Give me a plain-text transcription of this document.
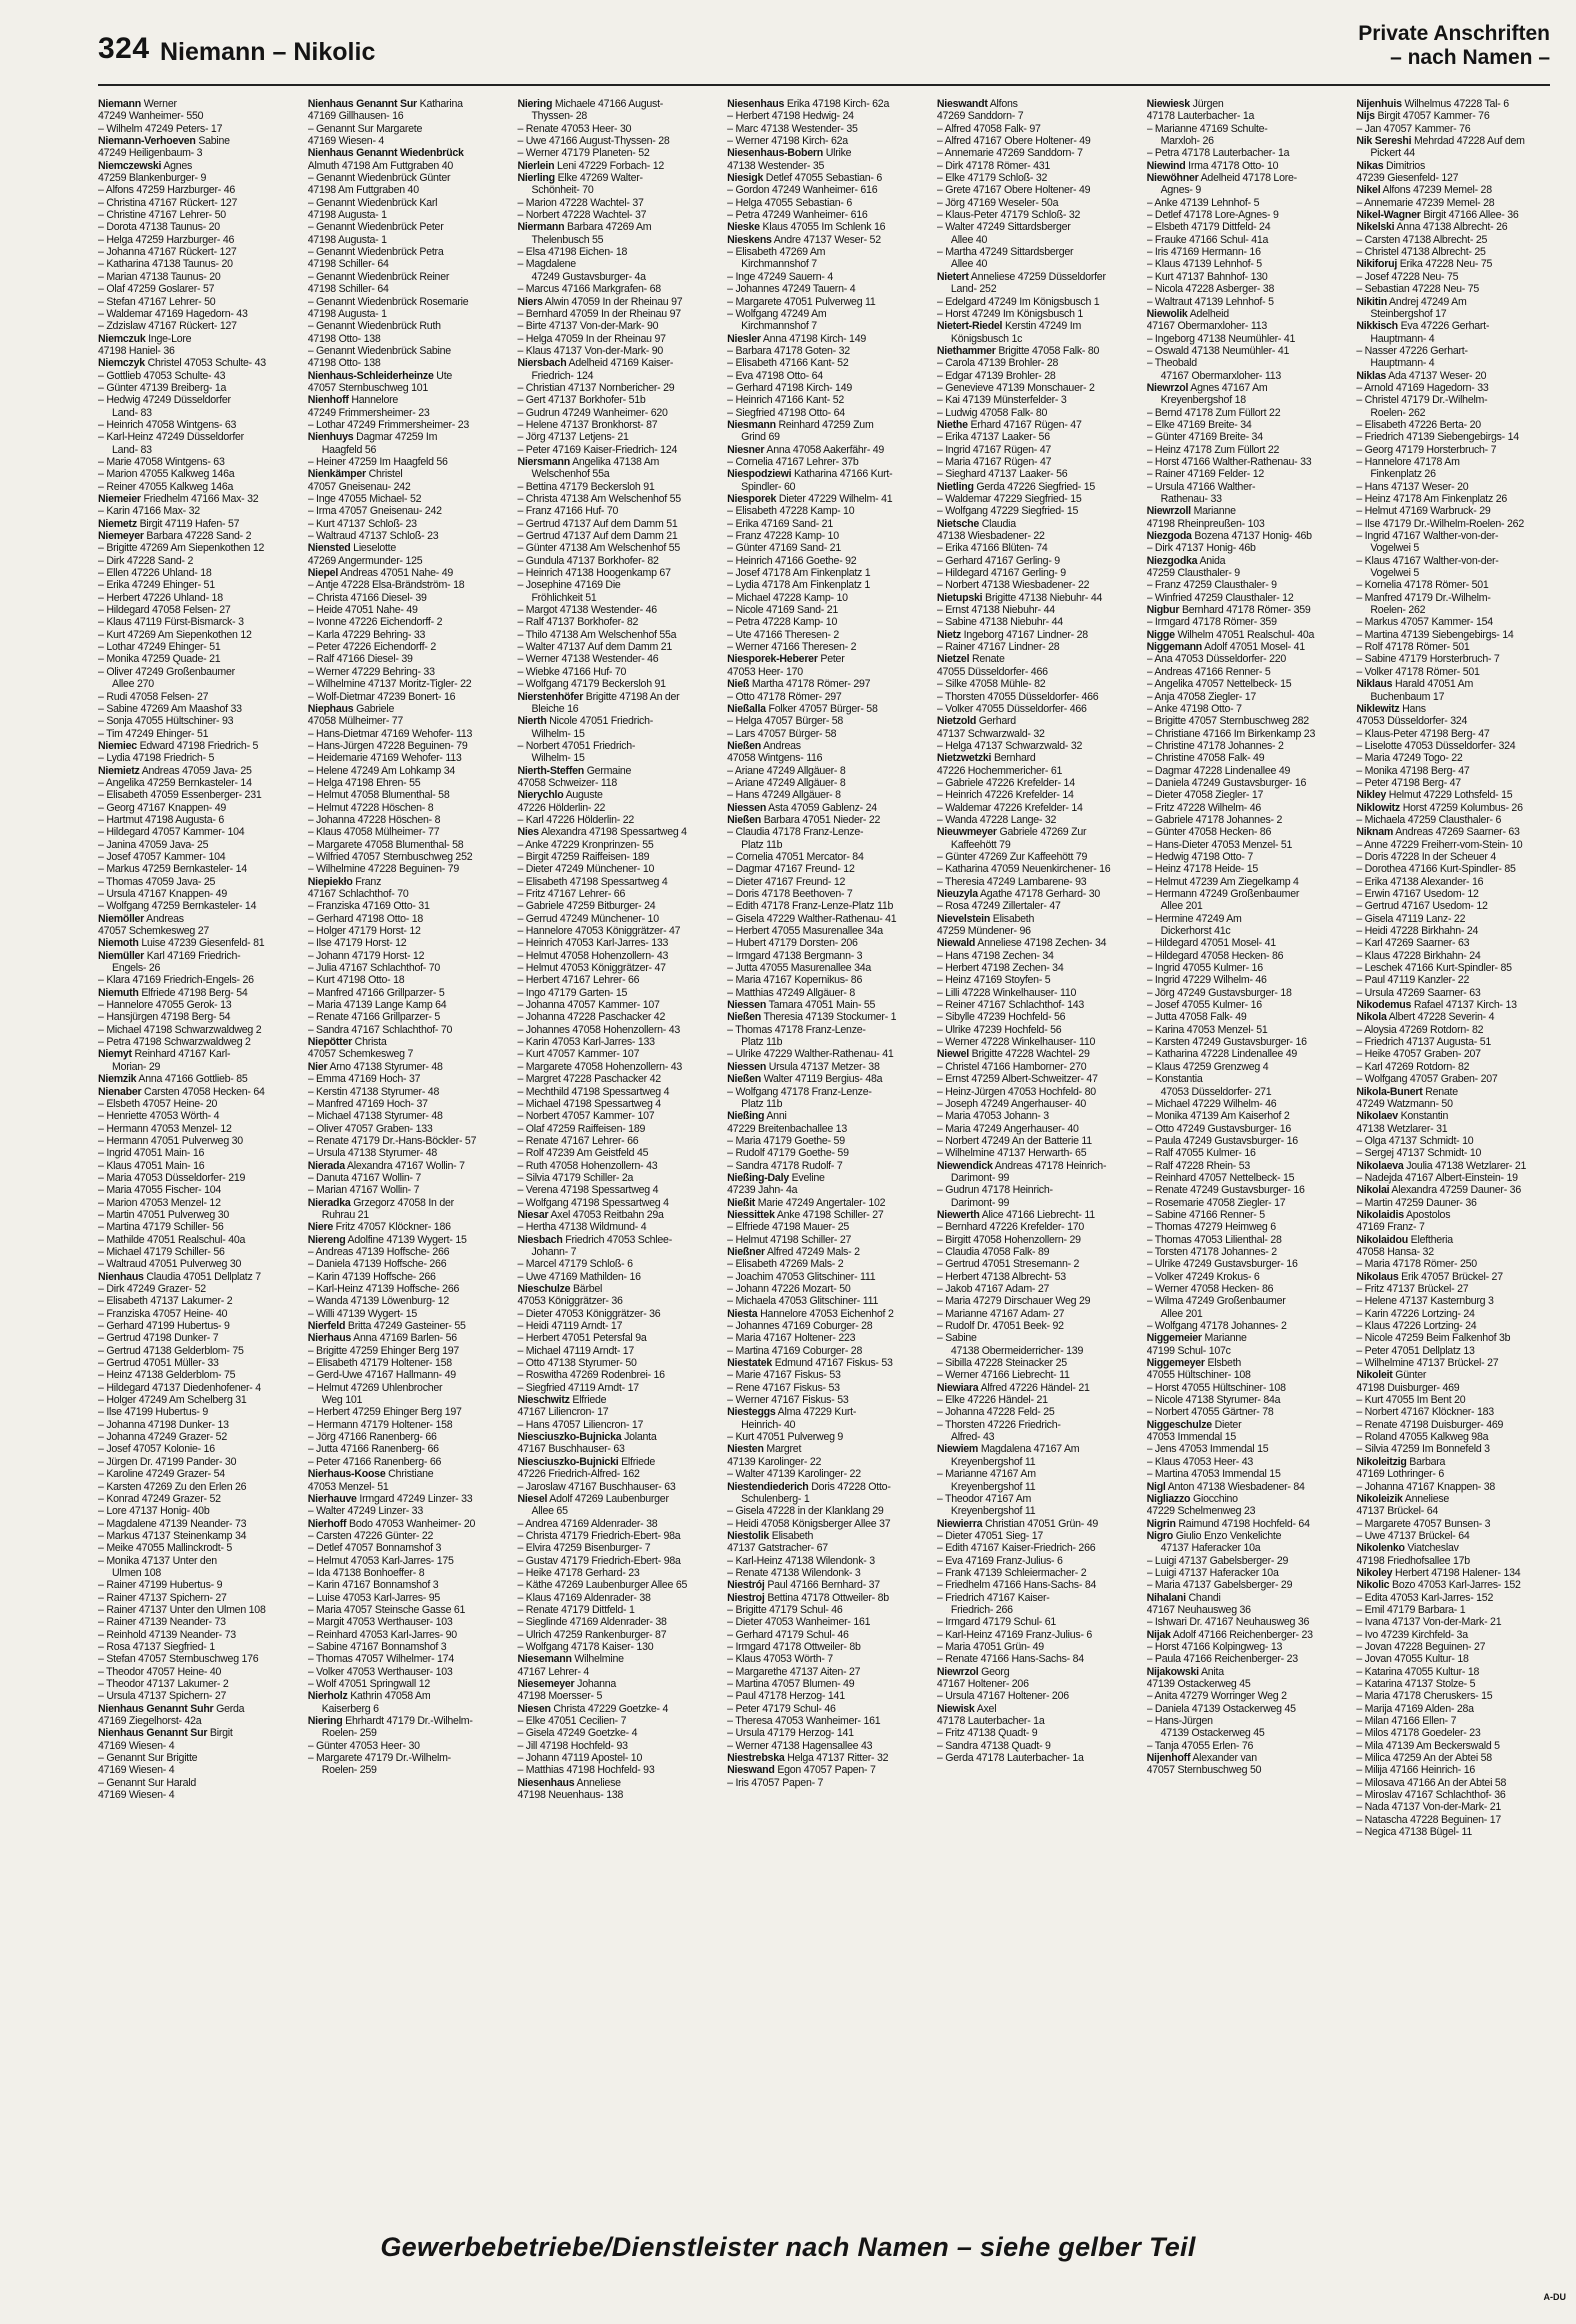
324 Niemann – Nikolic
Private Anschriften
– nach Namen –
Niemann Werner
47249 Wanheimer- 550
– Wilhelm 47249 Peters- 17
Niemann-Verhoeven Sabine
47249 Heiligenbaum- 3
Niemczewski Agnes
47259 Blankenburger- 9
– Alfons 47259 Harzburger- 46
– Christina 47167 Rückert- 127
– Christine 47167 Lehrer- 50
– Dorota 47138 Taunus- 20
– Helga 47259 Harzburger- 46
– Johanna 47167 Rückert- 127
– Katharina 47138 Taunus- 20
– Marian 47138 Taunus- 20
– Olaf 47259 Goslarer- 57
– Stefan 47167 Lehrer- 50
– Waldemar 47169 Hagedorn- 43
– Zdzislaw 47167 Rückert- 127
Niemczuk Inge-Lore
47198 Haniel- 36
Niemczyk Christel 47053 Schulte- 43
– Gottlieb 47053 Schulte- 43
– Günter 47139 Breiberg- 1a
– Hedwig 47249 Düsseldorfer
Land- 83
– Heinrich 47058 Wintgens- 63
– Karl-Heinz 47249 Düsseldorfer
Land- 83
– Marie 47058 Wintgens- 63
– Marion 47055 Kalkweg 146a
– Reiner 47055 Kalkweg 146a
Niemeier Friedhelm 47166 Max- 32
– Karin 47166 Max- 32
Niemetz Birgit 47119 Hafen- 57
Niemeyer Barbara 47228 Sand- 2
– Brigitte 47269 Am Siepenkothen 12
– Dirk 47228 Sand- 2
– Ellen 47226 Uhland- 18
– Erika 47249 Ehinger- 51
– Herbert 47226 Uhland- 18
– Hildegard 47058 Felsen- 27
– Klaus 47119 Fürst-Bismarck- 3
– Kurt 47269 Am Siepenkothen 12
– Lothar 47249 Ehinger- 51
– Monika 47259 Quade- 21
– Oliver 47249 Großenbaumer
Allee 270
– Rudi 47058 Felsen- 27
– Sabine 47269 Am Maashof 33
– Sonja 47055 Hültschiner- 93
– Tim 47249 Ehinger- 51
Niemiec Edward 47198 Friedrich- 5
– Lydia 47198 Friedrich- 5
Niemietz Andreas 47059 Java- 25
– Angelika 47259 Bernkasteler- 14
– Elisabeth 47059 Essenberger- 231
– Georg 47167 Knappen- 49
– Hartmut 47198 Augusta- 6
– Hildegard 47057 Kammer- 104
– Janina 47059 Java- 25
– Josef 47057 Kammer- 104
– Markus 47259 Bernkasteler- 14
– Thomas 47059 Java- 25
– Ursula 47167 Knappen- 49
– Wolfgang 47259 Bernkasteler- 14
Niemöller Andreas
47057 Schemkesweg 27
Niemoth Luise 47239 Giesenfeld- 81
Niemüller Karl 47169 Friedrich-
Engels- 26
– Klara 47169 Friedrich-Engels- 26
Niemuth Elfriede 47198 Berg- 54
– Hannelore 47055 Gerok- 13
– Hansjürgen 47198 Berg- 54
– Michael 47198 Schwarzwaldweg 2
– Petra 47198 Schwarzwaldweg 2
Niemyt Reinhard 47167 Karl-
Morian- 29
Niemzik Anna 47166 Gottlieb- 85
Nienaber Carsten 47058 Hecken- 64
– Elsbeth 47057 Heine- 20
– Henriette 47053 Wörth- 4
– Hermann 47053 Menzel- 12
– Hermann 47051 Pulverweg 30
– Ingrid 47051 Main- 16
– Klaus 47051 Main- 16
– Maria 47053 Düsseldorfer- 219
– Maria 47055 Fischer- 104
– Marion 47053 Menzel- 12
– Martin 47051 Pulverweg 30
– Martina 47179 Schiller- 56
– Mathilde 47051 Realschul- 40a
– Michael 47179 Schiller- 56
– Waltraud 47051 Pulverweg 30
Nienhaus Claudia 47051 Dellplatz 7
– Dirk 47249 Grazer- 52
– Elisabeth 47137 Lakumer- 2
– Franziska 47057 Heine- 40
– Gerhard 47199 Hubertus- 9
– Gertrud 47198 Dunker- 7
– Gertrud 47138 Gelderblom- 75
– Gertrud 47051 Müller- 33
– Heinz 47138 Gelderblom- 75
– Hildegard 47137 Diedenhofener- 4
– Holger 47249 Am Schelberg 31
– Ilse 47199 Hubertus- 9
– Johanna 47198 Dunker- 13
– Johanna 47249 Grazer- 52
– Josef 47057 Kolonie- 16
– Jürgen Dr. 47199 Pander- 30
– Karoline 47249 Grazer- 54
– Karsten 47269 Zu den Erlen 26
– Konrad 47249 Grazer- 52
– Lore 47137 Honig- 40b
– Magdalene 47139 Neander- 73
– Markus 47137 Steinenkamp 34
– Meike 47055 Mallinckrodt- 5
– Monika 47137 Unter den
Ulmen 108
– Rainer 47199 Hubertus- 9
– Rainer 47137 Spichern- 27
– Rainer 47137 Unter den Ulmen 108
– Rainer 47139 Neander- 73
– Reinhold 47139 Neander- 73
– Rosa 47137 Siegfried- 1
– Stefan 47057 Sternbuschweg 176
– Theodor 47057 Heine- 40
– Theodor 47137 Lakumer- 2
– Ursula 47137 Spichern- 27
Nienhaus Genannt Suhr Gerda
47169 Ziegelhorst- 42a
Nienhaus Genannt Sur Birgit
47169 Wiesen- 4
– Genannt Sur Brigitte
47169 Wiesen- 4
– Genannt Sur Harald
47169 Wiesen- 4
Nienhaus Genannt Sur Katharina
47169 Gillhausen- 16
– Genannt Sur Margarete
47169 Wiesen- 4
Nienhaus Genannt Wiedenbrück
Almuth 47198 Am Futtgraben 40
– Genannt Wiedenbrück Günter
47198 Am Futtgraben 40
– Genannt Wiedenbrück Karl
47198 Augusta- 1
– Genannt Wiedenbrück Peter
47198 Augusta- 1
– Genannt Wiedenbrück Petra
47198 Schiller- 64
– Genannt Wiedenbrück Reiner
47198 Schiller- 64
– Genannt Wiedenbrück Rosemarie
47198 Augusta- 1
– Genannt Wiedenbrück Ruth
47198 Otto- 138
– Genannt Wiedenbrück Sabine
47198 Otto- 138
Nienhaus-Schleiderheinze Ute
47057 Sternbuschweg 101
Nienhoff Hannelore
47249 Frimmersheimer- 23
– Lothar 47249 Frimmersheimer- 23
Nienhuys Dagmar 47259 Im
Haagfeld 56
– Heiner 47259 Im Haagfeld 56
Nienkämper Christel
47057 Gneisenau- 242
– Inge 47055 Michael- 52
– Irma 47057 Gneisenau- 242
– Kurt 47137 Schloß- 23
– Waltraud 47137 Schloß- 23
Niensted Lieselotte
47269 Angermunder- 125
Niepel Andreas 47051 Nahe- 49
– Antje 47228 Elsa-Brändström- 18
– Christa 47166 Diesel- 39
– Heide 47051 Nahe- 49
– Ivonne 47226 Eichendorff- 2
– Karla 47229 Behring- 33
– Peter 47226 Eichendorff- 2
– Ralf 47166 Diesel- 39
– Werner 47229 Behring- 33
– Wilhelmine 47137 Moritz-Tigler- 22
– Wolf-Dietmar 47239 Bonert- 16
Niephaus Gabriele
47058 Mülheimer- 77
– Hans-Dietmar 47169 Wehofer- 113
– Hans-Jürgen 47228 Beguinen- 79
– Heidemarie 47169 Wehofer- 113
– Helene 47249 Am Lohkamp 34
– Helga 47198 Ehren- 55
– Helmut 47058 Blumenthal- 58
– Helmut 47228 Höschen- 8
– Johanna 47228 Höschen- 8
– Klaus 47058 Mülheimer- 77
– Margarete 47058 Blumenthal- 58
– Wilfried 47057 Sternbuschweg 252
– Wilhelmine 47228 Beguinen- 79
Niepiekło Franz
47167 Schlachthof- 70
– Franziska 47169 Otto- 31
– Gerhard 47198 Otto- 18
– Holger 47179 Horst- 12
– Ilse 47179 Horst- 12
– Johann 47179 Horst- 12
– Julia 47167 Schlachthof- 70
– Kurt 47198 Otto- 18
– Manfred 47166 Grillparzer- 5
– Maria 47139 Lange Kamp 64
– Renate 47166 Grillparzer- 5
– Sandra 47167 Schlachthof- 70
Niepötter Christa
47057 Schemkesweg 7
Nier Arno 47138 Styrumer- 48
– Emma 47169 Hoch- 37
– Kerstin 47138 Styrumer- 48
– Manfred 47169 Hoch- 37
– Michael 47138 Styrumer- 48
– Oliver 47057 Graben- 133
– Renate 47179 Dr.-Hans-Böckler- 57
– Ursula 47138 Styrumer- 48
Nierada Alexandra 47167 Wollin- 7
– Danuta 47167 Wollin- 7
– Marian 47167 Wollin- 7
Nieradka Grzegorz 47058 In der
Ruhrau 21
Niere Fritz 47057 Klöckner- 186
Niereng Adolfine 47139 Wygert- 15
– Andreas 47139 Hoffsche- 266
– Daniela 47139 Hoffsche- 266
– Karin 47139 Hoffsche- 266
– Karl-Heinz 47139 Hoffsche- 266
– Wanda 47139 Löwenburg- 12
– Willi 47139 Wygert- 15
Nierfeld Britta 47249 Gasteiner- 55
Nierhaus Anna 47169 Barlen- 56
– Brigitte 47259 Ehinger Berg 197
– Elisabeth 47179 Holtener- 158
– Gerd-Uwe 47167 Hallmann- 49
– Helmut 47269 Uhlenbrocher
Weg 101
– Herbert 47259 Ehinger Berg 197
– Hermann 47179 Holtener- 158
– Jörg 47166 Ranenberg- 66
– Jutta 47166 Ranenberg- 66
– Peter 47166 Ranenberg- 66
Nierhaus-Koose Christiane
47053 Menzel- 51
Nierhauve Irmgard 47249 Linzer- 33
– Walter 47249 Linzer- 33
Nierhoff Bodo 47053 Wanheimer- 20
– Carsten 47226 Günter- 22
– Detlef 47057 Bonnamshof 3
– Helmut 47053 Karl-Jarres- 175
– Ida 47138 Bonhoeffer- 8
– Karin 47167 Bonnamshof 3
– Luise 47053 Karl-Jarres- 95
– Maria 47057 Steinsche Gasse 61
– Margit 47053 Werthauser- 103
– Reinhard 47053 Karl-Jarres- 90
– Sabine 47167 Bonnamshof 3
– Thomas 47057 Wilhelmer- 174
– Volker 47053 Werthauser- 103
– Wolf 47051 Springwall 12
Nierholz Kathrin 47058 Am
Kaiserberg 6
Niering Ehrhardt 47179 Dr.-Wilhelm-
Roelen- 259
– Günter 47053 Heer- 30
– Margarete 47179 Dr.-Wilhelm-
Roelen- 259
Niering Michaele 47166 August-
Thyssen- 28
– Renate 47053 Heer- 30
– Uwe 47166 August-Thyssen- 28
– Werner 47179 Planeten- 52
Nierlein Leni 47229 Forbach- 12
Nierling Elke 47269 Walter-
Schönheit- 70
– Marion 47228 Wachtel- 37
– Norbert 47228 Wachtel- 37
Niermann Barbara 47269 Am
Thelenbusch 55
– Elsa 47198 Eichen- 18
– Magdalene
47249 Gustavsburger- 4a
– Marcus 47166 Markgrafen- 68
Niers Alwin 47059 In der Rheinau 97
– Bernhard 47059 In der Rheinau 97
– Birte 47137 Von-der-Mark- 90
– Helga 47059 In der Rheinau 97
– Klaus 47137 Von-der-Mark- 90
Niersbach Adelheid 47169 Kaiser-
Friedrich- 124
– Christian 47137 Nornbericher- 29
– Gert 47137 Borkhofer- 51b
– Gudrun 47249 Wanheimer- 620
– Helene 47137 Bronkhorst- 87
– Jörg 47137 Letjens- 21
– Peter 47169 Kaiser-Friedrich- 124
Niersmann Angelika 47138 Am
Welschenhof 55a
– Bettina 47179 Beckersloh 91
– Christa 47138 Am Welschenhof 55
– Franz 47166 Huf- 70
– Gertrud 47137 Auf dem Damm 51
– Gertrud 47137 Auf dem Damm 21
– Günter 47138 Am Welschenhof 55
– Gundula 47137 Borkhofer- 82
– Heinrich 47138 Hoogenkamp 67
– Josephine 47169 Die
Fröhlichkeit 51
– Margot 47138 Westender- 46
– Ralf 47137 Borkhofer- 82
– Thilo 47138 Am Welschenhof 55a
– Walter 47137 Auf dem Damm 21
– Werner 47138 Westender- 46
– Wiebke 47166 Huf- 70
– Wolfgang 47179 Beckersloh 91
Nierstenhöfer Brigitte 47198 An der
Bleiche 16
Nierth Nicole 47051 Friedrich-
Wilhelm- 15
– Norbert 47051 Friedrich-
Wilhelm- 15
Nierth-Steffen Germaine
47058 Schweizer- 118
Nierychlo Auguste
47226 Hölderlin- 22
– Karl 47226 Hölderlin- 22
Nies Alexandra 47198 Spessartweg 4
– Anke 47229 Kronprinzen- 55
– Birgit 47259 Raiffeisen- 189
– Dieter 47249 Münchener- 10
– Elisabeth 47198 Spessartweg 4
– Fritz 47167 Lehrer- 66
– Gabriele 47259 Bitburger- 24
– Gerrud 47249 Münchener- 10
– Hannelore 47053 Königgrätzer- 47
– Heinrich 47053 Karl-Jarres- 133
– Helmut 47058 Hohenzollern- 43
– Helmut 47053 Königgrätzer- 47
– Herbert 47167 Lehrer- 66
– Ingo 47179 Garten- 15
– Johanna 47057 Kammer- 107
– Johanna 47228 Paschacker 42
– Johannes 47058 Hohenzollern- 43
– Karin 47053 Karl-Jarres- 133
– Kurt 47057 Kammer- 107
– Margarete 47058 Hohenzollern- 43
– Margret 47228 Paschacker 42
– Mechthild 47198 Spessartweg 4
– Michael 47198 Spessartweg 4
– Norbert 47057 Kammer- 107
– Olaf 47259 Raiffeisen- 189
– Renate 47167 Lehrer- 66
– Rolf 47239 Am Geistfeld 45
– Ruth 47058 Hohenzollern- 43
– Silvia 47179 Schiller- 2a
– Verena 47198 Spessartweg 4
– Wolfgang 47198 Spessartweg 4
Niesar Axel 47053 Reitbahn 29a
– Hertha 47138 Wildmund- 4
Niesbach Friedrich 47053 Schlee-
Johann- 7
– Marcel 47179 Schloß- 6
– Uwe 47169 Mathilden- 16
Nieschulze Bärbel
47053 Königgrätzer- 36
– Dieter 47053 Königgrätzer- 36
– Heidi 47119 Arndt- 17
– Herbert 47051 Petersfal 9a
– Michael 47119 Arndt- 17
– Otto 47138 Styrumer- 50
– Roswitha 47269 Rodenbrei- 16
– Siegfried 47119 Arndt- 17
Nieschwitz Elfriede
47167 Liliencron- 17
– Hans 47057 Liliencron- 17
Niesciuszko-Bujnicka Jolanta
47167 Buschhauser- 63
Niesciuszko-Bujnicki Elfriede
47226 Friedrich-Alfred- 162
– Jaroslaw 47167 Buschhauser- 63
Niesel Adolf 47269 Laubenburger
Allee 65
– Andrea 47169 Aldenrader- 38
– Christa 47179 Friedrich-Ebert- 98a
– Elvira 47259 Bisenburger- 7
– Gustav 47179 Friedrich-Ebert- 98a
– Heike 47178 Gerhard- 23
– Käthe 47269 Laubenburger Allee 65
– Klaus 47169 Aldenrader- 38
– Renate 47179 Dittfeld- 1
– Sieglinde 47169 Aldenrader- 38
– Ulrich 47259 Rankenburger- 87
– Wolfgang 47178 Kaiser- 130
Niesemann Wilhelmine
47167 Lehrer- 4
Niesemeyer Johanna
47198 Moersser- 5
Niesen Christa 47229 Goetzke- 4
– Elke 47051 Cecilien- 7
– Gisela 47249 Goetzke- 4
– Jill 47198 Hochfeld- 93
– Johann 47119 Apostel- 10
– Matthias 47198 Hochfeld- 93
Niesenhaus Anneliese
47198 Neuenhaus- 138
Niesenhaus Erika 47198 Kirch- 62a
– Herbert 47198 Hedwig- 24
– Marc 47138 Westender- 35
– Werner 47198 Kirch- 62a
Niesenhaus-Bobern Ulrike
47138 Westender- 35
Niesigk Detlef 47055 Sebastian- 6
– Gordon 47249 Wanheimer- 616
– Helga 47055 Sebastian- 6
– Petra 47249 Wanheimer- 616
Nieske Klaus 47055 Im Schlenk 16
Nieskens Andre 47137 Weser- 52
– Elisabeth 47269 Am
Kirchmannshof 7
– Inge 47249 Sauern- 4
– Johannes 47249 Tauern- 4
– Margarete 47051 Pulverweg 11
– Wolfgang 47249 Am
Kirchmannshof 7
Niesler Anna 47198 Kirch- 149
– Barbara 47178 Goten- 32
– Elisabeth 47166 Kant- 52
– Eva 47198 Otto- 64
– Gerhard 47198 Kirch- 149
– Heinrich 47166 Kant- 52
– Siegfried 47198 Otto- 64
Niesmann Reinhard 47259 Zum
Grind 69
Niesner Anna 47058 Aakerfähr- 49
– Cornelia 47167 Lehrer- 37b
Niespodziewi Katharina 47166 Kurt-
Spindler- 60
Niesporek Dieter 47229 Wilhelm- 41
– Elisabeth 47228 Kamp- 10
– Erika 47169 Sand- 21
– Franz 47228 Kamp- 10
– Günter 47169 Sand- 21
– Heinrich 47166 Goethe- 92
– Josef 47178 Am Finkenplatz 1
– Lydia 47178 Am Finkenplatz 1
– Michael 47228 Kamp- 10
– Nicole 47169 Sand- 21
– Petra 47228 Kamp- 10
– Ute 47166 Theresen- 2
– Werner 47166 Theresen- 2
Niesporek-Heberer Peter
47053 Heer- 170
Nieß Martha 47178 Römer- 297
– Otto 47178 Römer- 297
Nießalla Folker 47057 Bürger- 58
– Helga 47057 Bürger- 58
– Lars 47057 Bürger- 58
Nießen Andreas
47058 Wintgens- 116
– Ariane 47249 Allgäuer- 8
– Ariane 47249 Allgäuer- 8
– Hans 47249 Allgäuer- 8
Niessen Asta 47059 Gablenz- 24
Nießen Barbara 47051 Nieder- 22
– Claudia 47178 Franz-Lenze-
Platz 11b
– Cornelia 47051 Mercator- 84
– Dagmar 47167 Freund- 12
– Dieter 47167 Freund- 12
– Doris 47178 Beethoven- 7
– Edith 47178 Franz-Lenze-Platz 11b
– Gisela 47229 Walther-Rathenau- 41
– Herbert 47055 Masurenallee 34a
– Hubert 47179 Dorsten- 206
– Irmgard 47138 Bergmann- 3
– Jutta 47055 Masurenallee 34a
– Maria 47167 Kopernikus- 86
– Matthias 47249 Allgäuer- 8
Niessen Tamara 47051 Main- 55
Nießen Theresia 47139 Stockumer- 1
– Thomas 47178 Franz-Lenze-
Platz 11b
– Ulrike 47229 Walther-Rathenau- 41
Niessen Ursula 47137 Metzer- 38
Nießen Walter 47119 Bergius- 48a
– Wolfgang 47178 Franz-Lenze-
Platz 11b
Nießing Anni
47229 Breitenbachallee 13
– Maria 47179 Goethe- 59
– Rudolf 47179 Goethe- 59
– Sandra 47178 Rudolf- 7
Nießing-Daly Eveline
47239 Jahn- 4a
Nießit Marie 47249 Angertaler- 102
Niessittek Anke 47198 Schiller- 27
– Elfriede 47198 Mauer- 25
– Helmut 47198 Schiller- 27
Nießner Alfred 47249 Mals- 2
– Elisabeth 47269 Mals- 2
– Joachim 47053 Glitschiner- 111
– Johann 47226 Mozart- 50
– Michaela 47053 Glitschiner- 111
Niesta Hannelore 47053 Eichenhof 2
– Johannes 47169 Coburger- 28
– Maria 47167 Holtener- 223
– Martina 47169 Coburger- 28
Niestatek Edmund 47167 Fiskus- 53
– Marie 47167 Fiskus- 53
– Rene 47167 Fiskus- 53
– Werner 47167 Fiskus- 53
Niesteggs Alma 47229 Kurt-
Heinrich- 40
– Kurt 47051 Pulverweg 9
Niesten Margret
47139 Karolinger- 22
– Walter 47139 Karolinger- 22
Niestendiederich Doris 47228 Otto-
Schulenberg- 1
– Gisela 47228 in der Klanklang 29
– Heidi 47058 Königsberger Allee 37
Niestolik Elisabeth
47137 Gatstracher- 67
– Karl-Heinz 47138 Wilendonk- 3
– Renate 47138 Wilendonk- 3
Niestrój Paul 47166 Bernhard- 37
Niestroj Bettina 47178 Ottweiler- 8b
– Brigitte 47179 Schul- 46
– Dieter 47053 Wanheimer- 161
– Gerhard 47179 Schul- 46
– Irmgard 47178 Ottweiler- 8b
– Klaus 47053 Wörth- 7
– Margarethe 47137 Aiten- 27
– Martina 47057 Blumen- 49
– Paul 47178 Herzog- 141
– Peter 47179 Schul- 46
– Theresa 47053 Wanheimer- 161
– Ursula 47179 Herzog- 141
– Werner 47138 Hagensallee 43
Niestrebska Helga 47137 Ritter- 32
Nieswand Egon 47057 Papen- 7
– Iris 47057 Papen- 7
Nieswandt Alfons
47269 Sanddorn- 7
– Alfred 47058 Falk- 97
– Alfred 47167 Obere Holtener- 49
– Annemarie 47269 Sanddorn- 7
– Dirk 47178 Römer- 431
– Elke 47179 Schloß- 32
– Grete 47167 Obere Holtener- 49
– Jörg 47169 Weseler- 50a
– Klaus-Peter 47179 Schloß- 32
– Walter 47249 Sittardsberger
Allee 40
– Martha 47249 Sittardsberger
Allee 40
Nietert Anneliese 47259 Düsseldorfer
Land- 252
– Edelgard 47249 Im Königsbusch 1
– Horst 47249 Im Königsbusch 1
Nietert-Riedel Kerstin 47249 Im
Königsbusch 1c
Niethammer Brigitte 47058 Falk- 80
– Carola 47139 Brohler- 28
– Edgar 47139 Brohler- 28
– Genevieve 47139 Monschauer- 2
– Kai 47139 Münsterfelder- 3
– Ludwig 47058 Falk- 80
Niethe Erhard 47167 Rügen- 47
– Erika 47137 Laaker- 56
– Ingrid 47167 Rügen- 47
– Maria 47167 Rügen- 47
– Sieghard 47137 Laaker- 56
Nietling Gerda 47226 Siegfried- 15
– Waldemar 47229 Siegfried- 15
– Wolfgang 47229 Siegfried- 15
Nietsche Claudia
47138 Wiesbadener- 22
– Erika 47166 Blüten- 74
– Gerhard 47167 Gerling- 9
– Hildegard 47167 Gerling- 9
– Norbert 47138 Wiesbadener- 22
Nietupski Brigitte 47138 Niebuhr- 44
– Ernst 47138 Niebuhr- 44
– Sabine 47138 Niebuhr- 44
Nietz Ingeborg 47167 Lindner- 28
– Rainer 47167 Lindner- 28
Nietzel Renate
47055 Düsseldorfer- 466
– Silke 47058 Mühle- 82
– Thorsten 47055 Düsseldorfer- 466
– Volker 47055 Düsseldorfer- 466
Nietzold Gerhard
47137 Schwarzwald- 32
– Helga 47137 Schwarzwald- 32
Nietzwetzki Bernhard
47226 Hochemmericher- 61
– Gabriele 47226 Krefelder- 14
– Heinrich 47226 Krefelder- 14
– Waldemar 47226 Krefelder- 14
– Wanda 47228 Lange- 32
Nieuwmeyer Gabriele 47269 Zur
Kaffeehött 79
– Günter 47269 Zur Kaffeehött 79
– Katharina 47059 Neuenkirchener- 16
– Theresia 47249 Lambarene- 93
Nieuzyla Agathe 47178 Gerhard- 30
– Rosa 47249 Zillertaler- 47
Nievelstein Elisabeth
47259 Mündener- 96
Niewald Anneliese 47198 Zechen- 34
– Hans 47198 Zechen- 34
– Herbert 47198 Zechen- 34
– Heinz 47169 Stoyfen- 5
– Lilli 47228 Winkelhauser- 110
– Reiner 47167 Schlachthof- 143
– Sibylle 47239 Hochfeld- 56
– Ulrike 47239 Hochfeld- 56
– Werner 47228 Winkelhauser- 110
Niewel Brigitte 47228 Wachtel- 29
– Christel 47166 Hamborner- 270
– Ernst 47259 Albert-Schweitzer- 47
– Heinz-Jürgen 47053 Hochfeld- 80
– Joseph 47249 Angerhauser- 40
– Maria 47053 Johann- 3
– Maria 47249 Angerhauser- 40
– Norbert 47249 An der Batterie 11
– Wilhelmine 47137 Herwarth- 65
Niewendick Andreas 47178 Heinrich-
Darimont- 99
– Gudrun 47178 Heinrich-
Darimont- 99
Niewerth Alice 47166 Liebrecht- 11
– Bernhard 47226 Krefelder- 170
– Birgitt 47058 Hohenzollern- 29
– Claudia 47058 Falk- 89
– Gertrud 47051 Stresemann- 2
– Herbert 47138 Albrecht- 53
– Jakob 47167 Adam- 27
– Maria 47279 Dirschauer Weg 29
– Marianne 47167 Adam- 27
– Rudolf Dr. 47051 Beek- 92
– Sabine
47138 Obermeiderricher- 139
– Sibilla 47228 Steinacker 25
– Werner 47166 Liebrecht- 11
Niewiara Alfred 47226 Händel- 21
– Elke 47226 Händel- 21
– Johanna 47228 Feld- 25
– Thorsten 47226 Friedrich-
Alfred- 43
Niewiem Magdalena 47167 Am
Kreyenbergshof 11
– Marianne 47167 Am
Kreyenbergshof 11
– Theodor 47167 Am
Kreyenbergshof 11
Niewierra Christian 47051 Grün- 49
– Dieter 47051 Sieg- 17
– Edith 47167 Kaiser-Friedrich- 266
– Eva 47169 Franz-Julius- 6
– Frank 47139 Schleiermacher- 2
– Friedhelm 47166 Hans-Sachs- 84
– Friedrich 47167 Kaiser-
Friedrich- 266
– Irmgard 47179 Schul- 61
– Karl-Heinz 47169 Franz-Julius- 6
– Maria 47051 Grün- 49
– Renate 47166 Hans-Sachs- 84
Niewrzol Georg
47167 Holtener- 206
– Ursula 47167 Holtener- 206
Niewisk Axel
47178 Lauterbacher- 1a
– Fritz 47138 Quadt- 9
– Sandra 47138 Quadt- 9
– Gerda 47178 Lauterbacher- 1a
Niewiesk Jürgen
47178 Lauterbacher- 1a
– Marianne 47169 Schulte-
Marxloh- 26
– Petra 47178 Lauterbacher- 1a
Niewind Irma 47178 Otto- 10
Niewöhner Adelheid 47178 Lore-
Agnes- 9
– Anke 47139 Lehnhof- 5
– Detlef 47178 Lore-Agnes- 9
– Elsbeth 47179 Dittfeld- 24
– Frauke 47166 Schul- 41a
– Iris 47169 Hermann- 16
– Klaus 47139 Lehnhof- 5
– Kurt 47137 Bahnhof- 130
– Nicola 47228 Asberger- 38
– Waltraut 47139 Lehnhof- 5
Niewolik Adelheid
47167 Obermarxloher- 113
– Ingeborg 47138 Neumühler- 41
– Oswald 47138 Neumühler- 41
– Theobald
47167 Obermarxloher- 113
Niewrzol Agnes 47167 Am
Kreyenbergshof 18
– Bernd 47178 Zum Füllort 22
– Elke 47169 Breite- 34
– Günter 47169 Breite- 34
– Heinz 47178 Zum Füllort 22
– Horst 47166 Walther-Rathenau- 33
– Rainer 47169 Felder- 12
– Ursula 47166 Walther-
Rathenau- 33
Niewrzoll Marianne
47198 Rheinpreußen- 103
Niezgoda Bozena 47137 Honig- 46b
– Dirk 47137 Honig- 46b
Niezgodka Anida
47259 Clausthaler- 9
– Franz 47259 Clausthaler- 9
– Winfried 47259 Clausthaler- 12
Nigbur Bernhard 47178 Römer- 359
– Irmgard 47178 Römer- 359
Nigge Wilhelm 47051 Realschul- 40a
Niggemann Adolf 47051 Mosel- 41
– Ana 47053 Düsseldorfer- 220
– Andreas 47166 Renner- 5
– Angelika 47057 Nettelbeck- 15
– Anja 47058 Ziegler- 17
– Anke 47198 Otto- 7
– Brigitte 47057 Sternbuschweg 282
– Christiane 47166 Im Birkenkamp 23
– Christine 47178 Johannes- 2
– Christine 47058 Falk- 49
– Dagmar 47228 Lindenallee 49
– Daniela 47249 Gustavsburger- 16
– Dieter 47058 Ziegler- 17
– Fritz 47228 Wilhelm- 46
– Gabriele 47178 Johannes- 2
– Günter 47058 Hecken- 86
– Hans-Dieter 47053 Menzel- 51
– Hedwig 47198 Otto- 7
– Heinz 47178 Heide- 15
– Helmut 47239 Am Ziegelkamp 4
– Hermann 47249 Großenbaumer
Allee 201
– Hermine 47249 Am
Dickerhorst 41c
– Hildegard 47051 Mosel- 41
– Hildegard 47058 Hecken- 86
– Ingrid 47055 Kulmer- 16
– Ingrid 47229 Wilhelm- 46
– Jörg 47249 Gustavsburger- 18
– Josef 47055 Kulmer- 16
– Jutta 47058 Falk- 49
– Karina 47053 Menzel- 51
– Karsten 47249 Gustavsburger- 16
– Katharina 47228 Lindenallee 49
– Klaus 47259 Grenzweg 4
– Konstantia
47053 Düsseldorfer- 271
– Michael 47229 Wilhelm- 46
– Monika 47139 Am Kaiserhof 2
– Otto 47249 Gustavsburger- 16
– Paula 47249 Gustavsburger- 16
– Ralf 47055 Kulmer- 16
– Ralf 47228 Rhein- 53
– Reinhard 47057 Nettelbeck- 15
– Renate 47249 Gustavsburger- 16
– Rosemarie 47058 Ziegler- 17
– Sabine 47166 Renner- 5
– Thomas 47279 Heimweg 6
– Thomas 47053 Lilienthal- 28
– Torsten 47178 Johannes- 2
– Ulrike 47249 Gustavsburger- 16
– Volker 47249 Krokus- 6
– Werner 47058 Hecken- 86
– Wilma 47249 Großenbaumer
Allee 201
– Wolfgang 47178 Johannes- 2
Niggemeier Marianne
47199 Schul- 107c
Niggemeyer Elsbeth
47055 Hültschiner- 108
– Horst 47055 Hültschiner- 108
– Nicole 47138 Styrumer- 84a
– Norbert 47055 Gärtner- 78
Niggeschulze Dieter
47053 Immendal 15
– Jens 47053 Immendal 15
– Klaus 47053 Heer- 43
– Martina 47053 Immendal 15
Nigl Anton 47138 Wiesbadener- 84
Nigliazzo Giocchino
47229 Schelmenweg 23
Nigrin Raimund 47198 Hochfeld- 64
Nigro Giulio Enzo Venkelichte
47137 Haferacker 10a
– Luigi 47137 Gabelsberger- 29
– Luigi 47137 Haferacker 10a
– Maria 47137 Gabelsberger- 29
Nihalani Chandi
47167 Neuhausweg 36
– Ishwari Dr. 47167 Neuhausweg 36
Nijak Adolf 47166 Reichenberger- 23
– Horst 47166 Kolpingweg- 13
– Paula 47166 Reichenberger- 23
Nijakowski Anita
47139 Ostackerweg 45
– Anita 47279 Worringer Weg 2
– Daniela 47139 Ostackerweg 45
– Hans-Jürgen
47139 Ostackerweg 45
– Tanja 47055 Erlen- 76
Nijenhoff Alexander van
47057 Sternbuschweg 50
Nijenhuis Wilhelmus 47228 Tal- 6
Nijs Birgit 47057 Kammer- 76
– Jan 47057 Kammer- 76
Nik Sereshi Mehrdad 47228 Auf dem
Pickert 44
Nikas Dimitrios
47239 Giesenfeld- 127
Nikel Alfons 47239 Memel- 28
– Annemarie 47239 Memel- 28
Nikel-Wagner Birgit 47166 Allee- 36
Nikelski Anna 47138 Albrecht- 26
– Carsten 47138 Albrecht- 25
– Christel 47138 Albrecht- 25
Nikiforuj Erika 47228 Neu- 75
– Josef 47228 Neu- 75
– Sebastian 47228 Neu- 75
Nikitin Andrej 47249 Am
Steinbergshof 17
Nikkisch Eva 47226 Gerhart-
Hauptmann- 4
– Nasser 47226 Gerhart-
Hauptmann- 4
Niklas Ada 47137 Weser- 20
– Arnold 47169 Hagedorn- 33
– Christel 47179 Dr.-Wilhelm-
Roelen- 262
– Elisabeth 47226 Berta- 20
– Friedrich 47139 Siebengebirgs- 14
– Georg 47179 Horsterbruch- 7
– Hannelore 47178 Am
Finkenplatz 26
– Hans 47137 Weser- 20
– Heinz 47178 Am Finkenplatz 26
– Helmut 47169 Warbruck- 29
– Ilse 47179 Dr.-Wilhelm-Roelen- 262
– Ingrid 47167 Walther-von-der-
Vogelwei 5
– Klaus 47167 Walther-von-der-
Vogelwei 5
– Kornelia 47178 Römer- 501
– Manfred 47179 Dr.-Wilhelm-
Roelen- 262
– Markus 47057 Kammer- 154
– Martina 47139 Siebengebirgs- 14
– Rolf 47178 Römer- 501
– Sabine 47179 Horsterbruch- 7
– Volker 47178 Römer- 501
Niklaus Harald 47051 Am
Buchenbaum 17
Niklewitz Hans
47053 Düsseldorfer- 324
– Klaus-Peter 47198 Berg- 47
– Liselotte 47053 Düsseldorfer- 324
– Maria 47249 Togo- 22
– Monika 47198 Berg- 47
– Peter 47198 Berg- 47
Nikley Helmut 47229 Lothsfeld- 15
Niklowitz Horst 47259 Kolumbus- 26
– Michaela 47259 Clausthaler- 6
Niknam Andreas 47269 Saarner- 63
– Anne 47229 Freiherr-vom-Stein- 10
– Doris 47228 In der Scheuer 4
– Dorothea 47166 Kurt-Spindler- 85
– Erika 47138 Alexander- 16
– Erwin 47167 Usedom- 12
– Gertrud 47167 Usedom- 12
– Gisela 47119 Lanz- 22
– Heidi 47228 Birkhahn- 24
– Karl 47269 Saarner- 63
– Klaus 47228 Birkhahn- 24
– Leschek 47166 Kurt-Spindler- 85
– Paul 47119 Kanzler- 22
– Ursula 47269 Saarner- 63
Nikodemus Rafael 47137 Kirch- 13
Nikola Albert 47228 Severin- 4
– Aloysia 47269 Rotdorn- 82
– Friedrich 47137 Augusta- 51
– Heike 47057 Graben- 207
– Karl 47269 Rotdorn- 82
– Wolfgang 47057 Graben- 207
Nikola-Bunert Renate
47249 Watzmann- 50
Nikolaev Konstantin
47138 Wetzlarer- 31
– Olga 47137 Schmidt- 10
– Sergej 47137 Schmidt- 10
Nikolaeva Joulia 47138 Wetzlarer- 21
– Nadejda 47167 Albert-Einstein- 19
Nikolai Alexandra 47259 Dauner- 36
– Martin 47259 Dauner- 36
Nikolaidis Apostolos
47169 Franz- 7
Nikolaidou Eleftheria
47058 Hansa- 32
– Maria 47178 Römer- 250
Nikolaus Erik 47057 Brückel- 27
– Fritz 47137 Brückel- 27
– Helene 47137 Kasternburg 3
– Karin 47226 Lortzing- 24
– Klaus 47226 Lortzing- 24
– Nicole 47259 Beim Falkenhof 3b
– Peter 47051 Dellplatz 13
– Wilhelmine 47137 Brückel- 27
Nikoleit Günter
47198 Duisburger- 469
– Kurt 47055 Im Bent 20
– Norbert 47167 Klöckner- 183
– Renate 47198 Duisburger- 469
– Roland 47055 Kalkweg 98a
– Silvia 47259 Im Bonnefeld 3
Nikoleitzig Barbara
47169 Lothringer- 6
– Johanna 47167 Knappen- 38
Nikoleizik Anneliese
47137 Brückel- 64
– Margarete 47057 Bunsen- 3
– Uwe 47137 Brückel- 64
Nikolenko Viatcheslav
47198 Friedhofsallee 17b
Nikoley Herbert 47198 Halener- 134
Nikolic Bozo 47053 Karl-Jarres- 152
– Edita 47053 Karl-Jarres- 152
– Emil 47179 Barbara- 1
– Ivana 47137 Von-der-Mark- 21
– Ivo 47239 Kirchfeld- 3a
– Jovan 47228 Beguinen- 27
– Jovan 47055 Kultur- 18
– Katarina 47055 Kultur- 18
– Katarina 47137 Stolze- 5
– Maria 47178 Cheruskers- 15
– Marija 47169 Alden- 28a
– Milan 47166 Ellen- 7
– Milos 47178 Goedeler- 23
– Mila 47139 Am Beckerswald 5
– Milica 47259 An der Abtei 58
– Milija 47166 Heinrich- 16
– Milosava 47166 An der Abtei 58
– Miroslav 47167 Schlachthof- 36
– Nada 47137 Von-der-Mark- 21
– Natascha 47228 Beguinen- 17
– Negica 47138 Bügel- 11
Gewerbebetriebe/Dienstleister nach Namen – siehe gelber Teil
A-DU
